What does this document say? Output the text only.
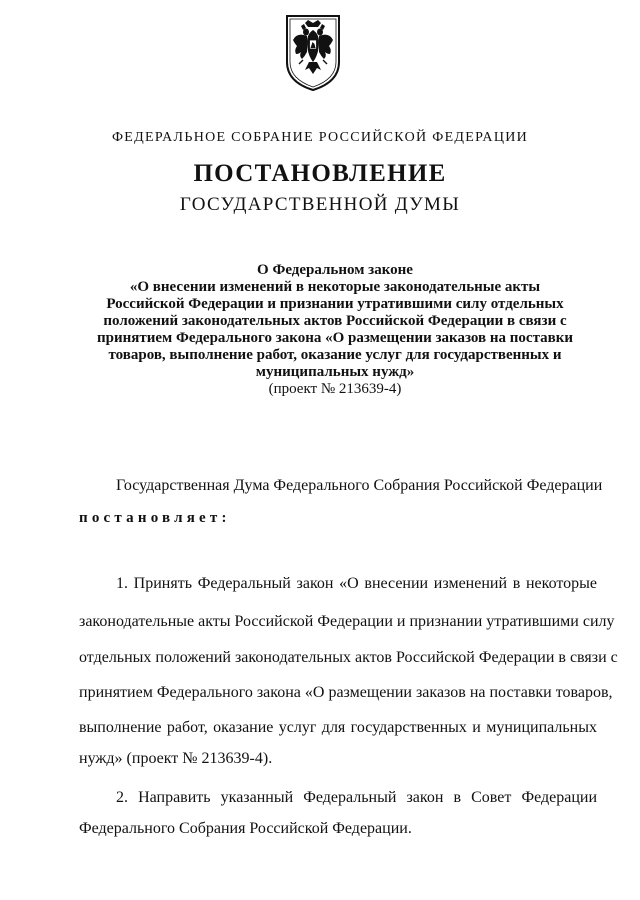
ФЕДЕРАЛЬНОЕ СОБРАНИЕ РОССИЙСКОЙ ФЕДЕРАЦИИ
ПОСТАНОВЛЕНИЕ
ГОСУДАРСТВЕННОЙ ДУМЫ
О Федеральном законе
«О внесении изменений в некоторые законодательные акты
Российской Федерации и признании утратившими силу отдельных
положений законодательных актов Российской Федерации в связи с
принятием Федерального закона «О размещении заказов на поставки
товаров, выполнение работ, оказание услуг для государственных и
муниципальных нужд»
(проект № 213639-4)
Государственная Дума Федерального Собрания Российской Федерации
постановляет:
1. Принять Федеральный закон «О внесении изменений в некоторые
законодательные акты Российской Федерации и признании утратившими силу
отдельных положений законодательных актов Российской Федерации в связи с
принятием Федерального закона «О размещении заказов на поставки товаров,
выполнение работ, оказание услуг для государственных и муниципальных
нужд» (проект № 213639-4).
2. Направить указанный Федеральный закон в Совет Федерации
Федерального Собрания Российской Федерации.
